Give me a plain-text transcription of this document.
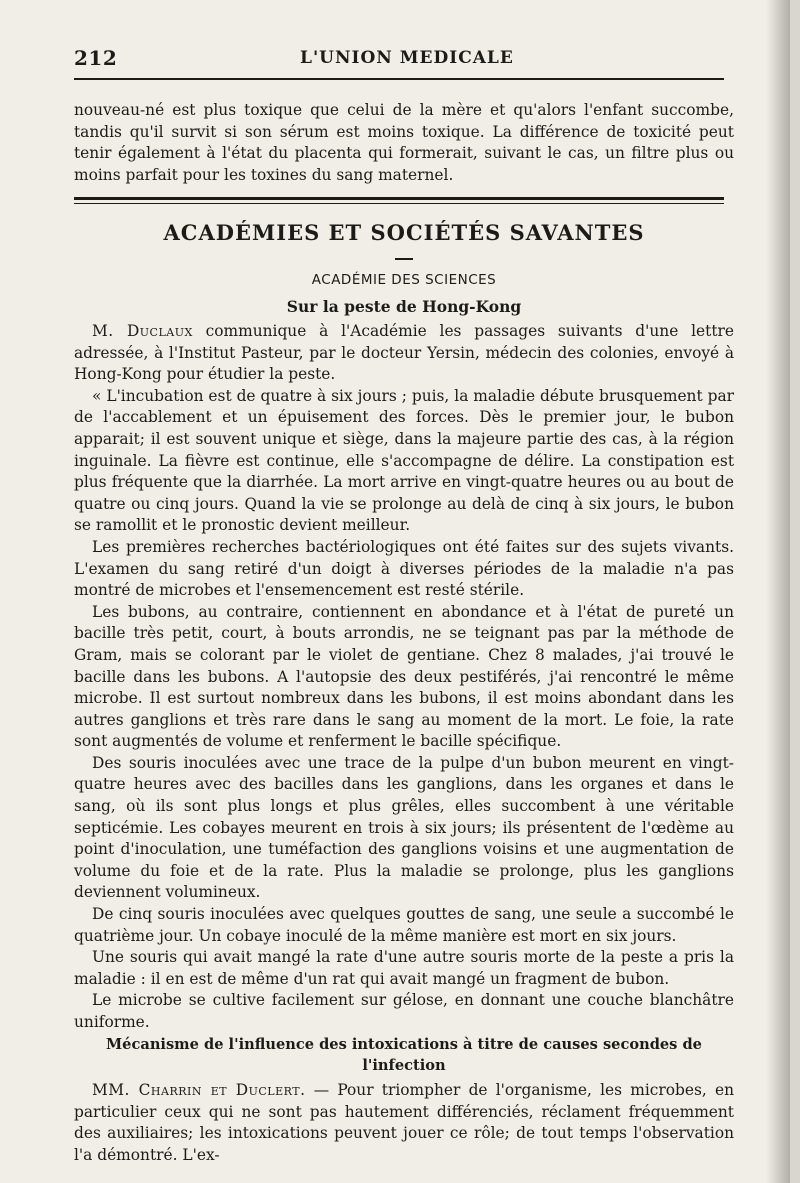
212	L'UNION MEDICALE

nouveau-né est plus toxique que celui de la mère et qu'alors l'enfant succombe, tandis qu'il survit si son sérum est moins toxique. La différence de toxicité peut tenir également à l'état du placenta qui formerait, suivant le cas, un filtre plus ou moins parfait pour les toxines du sang maternel.

ACADÉMIES ET SOCIÉTÉS SAVANTES
ACADÉMIE DES SCIENCES
Sur la peste de Hong-Kong

M. Duclaux communique à l'Académie les passages suivants d'une lettre adressée, à l'Institut Pasteur, par le docteur Yersin, médecin des colonies, envoyé à Hong-Kong pour étudier la peste.

« L'incubation est de quatre à six jours ; puis, la maladie débute brusquement par de l'accablement et un épuisement des forces. Dès le premier jour, le bubon apparait; il est souvent unique et siège, dans la majeure partie des cas, à la région inguinale. La fièvre est continue, elle s'accompagne de délire. La constipation est plus fréquente que la diarrhée. La mort arrive en vingt-quatre heures ou au bout de quatre ou cinq jours. Quand la vie se prolonge au delà de cinq à six jours, le bubon se ramollit et le pronostic devient meilleur.

Les premières recherches bactériologiques ont été faites sur des sujets vivants. L'examen du sang retiré d'un doigt à diverses périodes de la maladie n'a pas montré de microbes et l'ensemencement est resté stérile.

Les bubons, au contraire, contiennent en abondance et à l'état de pureté un bacille très petit, court, à bouts arrondis, ne se teignant pas par la méthode de Gram, mais se colorant par le violet de gentiane. Chez 8 malades, j'ai trouvé le bacille dans les bubons. A l'autopsie des deux pestiférés, j'ai rencontré le même microbe. Il est surtout nombreux dans les bubons, il est moins abondant dans les autres ganglions et très rare dans le sang au moment de la mort. Le foie, la rate sont augmentés de volume et renferment le bacille spécifique.

Des souris inoculées avec une trace de la pulpe d'un bubon meurent en vingt-quatre heures avec des bacilles dans les ganglions, dans les organes et dans le sang, où ils sont plus longs et plus grêles, elles succombent à une véritable septicémie. Les cobayes meurent en trois à six jours; ils présentent de l'œdème au point d'inoculation, une tuméfaction des ganglions voisins et une augmentation de volume du foie et de la rate. Plus la maladie se prolonge, plus les ganglions deviennent volumineux.

De cinq souris inoculées avec quelques gouttes de sang, une seule a succombé le quatrième jour. Un cobaye inoculé de la même manière est mort en six jours.

Une souris qui avait mangé la rate d'une autre souris morte de la peste a pris la maladie : il en est de même d'un rat qui avait mangé un fragment de bubon.

Le microbe se cultive facilement sur gélose, en donnant une couche blanchâtre uniforme.

Mécanisme de l'influence des intoxications à titre de causes secondes de l'infection

MM. Charrin et Duclert. — Pour triompher de l'organisme, les microbes, en particulier ceux qui ne sont pas hautement différenciés, réclament fréquemment des auxiliaires; les intoxications peuvent jouer ce rôle; de tout temps l'observation l'a démontré. L'ex-
